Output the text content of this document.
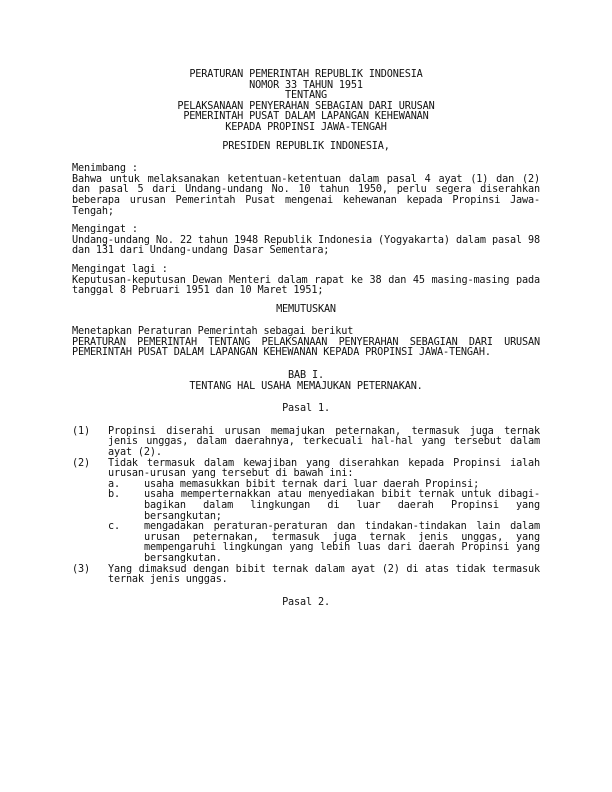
PERATURAN PEMERINTAH REPUBLIK INDONESIA
NOMOR 33 TAHUN 1951
TENTANG
PELAKSANAAN PENYERAHAN SEBAGIAN DARI URUSAN
PEMERINTAH PUSAT DALAM LAPANGAN KEHEWANAN
KEPADA PROPINSI JAWA-TENGAH
PRESIDEN REPUBLIK INDONESIA,
Menimbang :
Bahwa untuk melaksanakan ketentuan-ketentuan dalam pasal 4 ayat (1) dan (2) dan pasal 5 dari Undang-undang No. 10 tahun 1950, perlu segera diserahkan beberapa urusan Pemerintah Pusat mengenai kehewanan kepada Propinsi Jawa-Tengah;
Mengingat :
Undang-undang No. 22 tahun 1948 Republik Indonesia (Yogyakarta) dalam pasal 98 dan 131 dari Undang-undang Dasar Sementara;
Mengingat lagi :
Keputusan-keputusan Dewan Menteri dalam rapat ke 38 dan 45 masing-masing pada tanggal 8 Pebruari 1951 dan 10 Maret 1951;
MEMUTUSKAN
Menetapkan Peraturan Pemerintah sebagai berikut
PERATURAN PEMERINTAH TENTANG PELAKSANAAN PENYERAHAN SEBAGIAN DARI URUSAN PEMERINTAH PUSAT DALAM LAPANGAN KEHEWANAN KEPADA PROPINSI JAWA-TENGAH.
BAB I.
TENTANG HAL USAHA MEMAJUKAN PETERNAKAN.
Pasal 1.
(1) Propinsi diserahi urusan memajukan peternakan, termasuk juga ternak jenis unggas, dalam daerahnya, terkecuali hal-hal yang tersebut dalam ayat (2).
(2) Tidak termasuk dalam kewajiban yang diserahkan kepada Propinsi ialah urusan-urusan yang tersebut di bawah ini:
a. usaha memasukkan bibit ternak dari luar daerah Propinsi;
b. usaha memperternakkan atau menyediakan bibit ternak untuk dibagi-bagikan dalam lingkungan di luar daerah Propinsi yang bersangkutan;
c. mengadakan peraturan-peraturan dan tindakan-tindakan lain dalam urusan peternakan, termasuk juga ternak jenis unggas, yang mempengaruhi lingkungan yang lebih luas dari daerah Propinsi yang bersangkutan.
(3) Yang dimaksud dengan bibit ternak dalam ayat (2) di atas tidak termasuk ternak jenis unggas.
Pasal 2.
